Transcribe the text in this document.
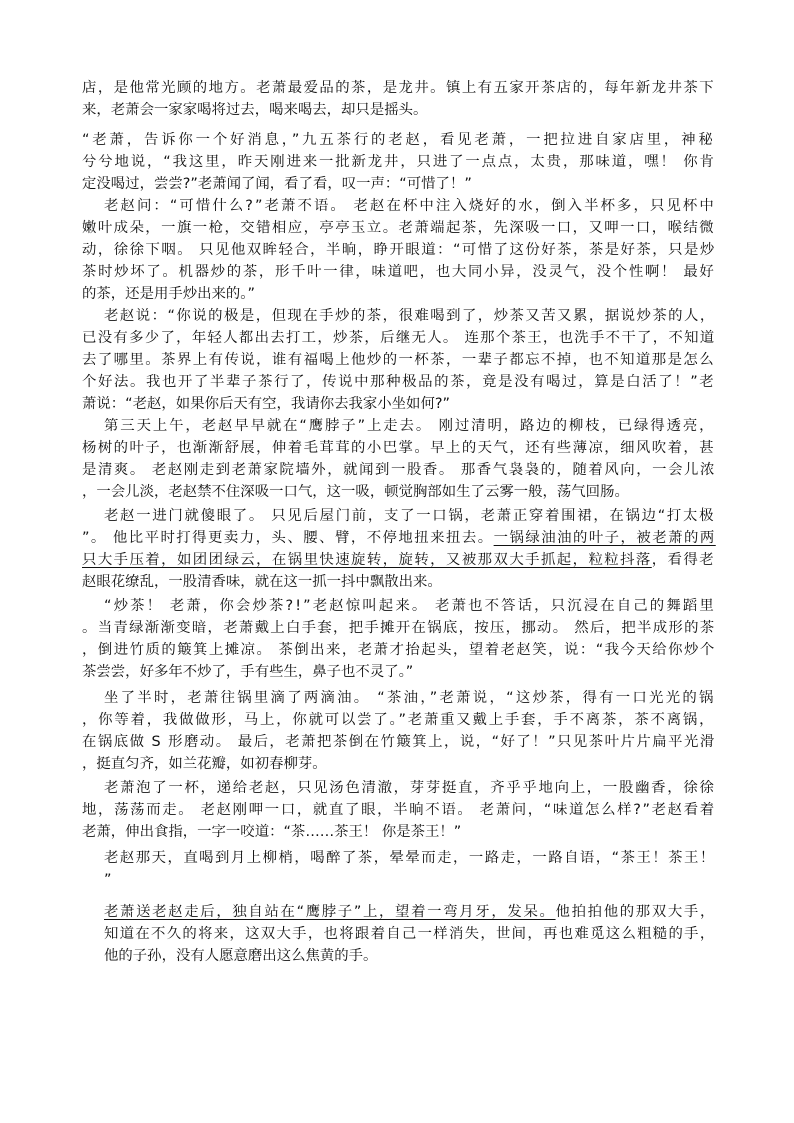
店，是他常光顾的地方。老萧最爱品的茶，是龙井。镇上有五家开茶店的，每年新龙井茶下
来，老萧会一家家喝将过去，喝来喝去，却只是摇头。
“老萧，告诉你一个好消息，”九五茶行的老赵，看见老萧，一把拉进自家店里，神秘
兮兮地说，“我这里，昨天刚进来一批新龙井，只进了一点点，太贵，那味道，嘿！ 你肯
定没喝过，尝尝?”老萧闻了闻，看了看，叹一声：“可惜了！”
老赵问：“可惜什么?”老萧不语。 老赵在杯中注入烧好的水，倒入半杯多，只见杯中
嫩叶成朵，一旗一枪，交错相应，亭亭玉立。老萧端起茶，先深吸一口，又呷一口，喉结微
动，徐徐下咽。 只见他双眸轻合，半晌，睁开眼道：“可惜了这份好茶，茶是好茶，只是炒
茶时炒坏了。机器炒的茶，形千叶一律，味道吧，也大同小异，没灵气，没个性啊！ 最好
的茶，还是用手炒出来的。”
老赵说：“你说的极是，但现在手炒的茶，很难喝到了，炒茶又苦又累，据说炒茶的人，
已没有多少了，年轻人都出去打工，炒茶，后继无人。 连那个茶王，也洗手不干了，不知道
去了哪里。茶界上有传说，谁有福喝上他炒的一杯茶，一辈子都忘不掉，也不知道那是怎么
个好法。我也开了半辈子茶行了，传说中那种极品的茶，竟是没有喝过，算是白活了！”老
萧说：“老赵，如果你后天有空，我请你去我家小坐如何?”
第三天上午，老赵早早就在“鹰脖子”上走去。 刚过清明，路边的柳枝，已绿得透亮，
杨树的叶子，也渐渐舒展，伸着毛茸茸的小巴掌。早上的天气，还有些薄凉，细风吹着，甚
是清爽。 老赵刚走到老萧家院墙外，就闻到一股香。 那香气袅袅的，随着风向，一会儿浓
，一会儿淡，老赵禁不住深吸一口气，这一吸，顿觉胸部如生了云雾一般，荡气回肠。
老赵一进门就傻眼了。 只见后屋门前，支了一口锅，老萧正穿着围裙，在锅边“打太极
”。 他比平时打得更卖力，头、腰、臂，不停地扭来扭去。一锅绿油油的叶子，被老萧的两
只大手压着，如团团绿云，在锅里快速旋转，旋转，又被那双大手抓起，粒粒抖落，看得老
赵眼花缭乱，一股清香味，就在这一抓一抖中飘散出来。
“炒茶！ 老萧，你会炒茶?!”老赵惊叫起来。 老萧也不答话，只沉浸在自己的舞蹈里
。当青绿渐渐变暗，老萧戴上白手套，把手摊开在锅底，按压，挪动。 然后，把半成形的茶
，倒进竹质的簸箕上摊凉。 茶倒出来，老萧才抬起头，望着老赵笑，说：“我今天给你炒个
茶尝尝，好多年不炒了，手有些生，鼻子也不灵了。”
坐了半时，老萧往锅里滴了两滴油。 “茶油，”老萧说，“这炒茶，得有一口光光的锅
，你等着，我做做形，马上，你就可以尝了。”老萧重又戴上手套，手不离茶，茶不离锅，
在锅底做 S 形磨动。 最后，老萧把茶倒在竹簸箕上，说，“好了！”只见茶叶片片扁平光滑
，挺直匀齐，如兰花瓣，如初春柳芽。
老萧泡了一杯，递给老赵，只见汤色清澈，芽芽挺直，齐乎乎地向上，一股幽香，徐徐
地，荡荡而走。 老赵刚呷一口，就直了眼，半晌不语。 老萧问，“味道怎么样?”老赵看着
老萧，伸出食指，一字一咬道：“茶……茶王！ 你是茶王！”
老赵那天，直喝到月上柳梢，喝醉了茶，晕晕而走，一路走，一路自语，“茶王！茶王！
”
老萧送老赵走后，独自站在“鹰脖子”上，望着一弯月牙，发呆。他拍拍他的那双大手，
知道在不久的将来，这双大手，也将跟着自己一样消失，世间，再也难觅这么粗糙的手，
他的子孙，没有人愿意磨出这么焦黄的手。
